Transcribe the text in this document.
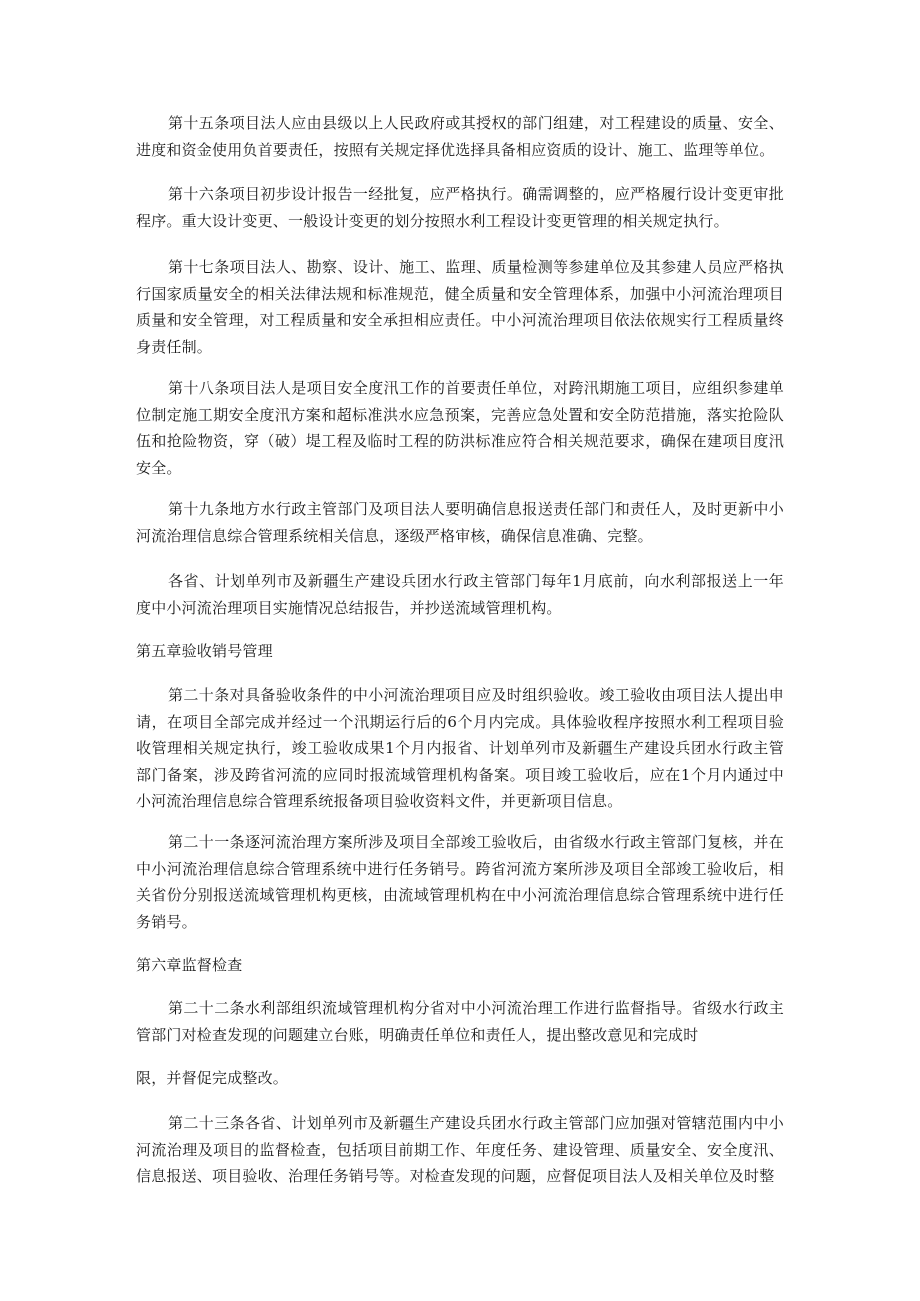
第十五条项目法人应由县级以上人民政府或其授权的部门组建，对工程建设的质量、安全、进度和资金使用负首要责任，按照有关规定择优选择具备相应资质的设计、施工、监理等单位。

第十六条项目初步设计报告一经批复，应严格执行。确需调整的，应严格履行设计变更审批程序。重大设计变更、一般设计变更的划分按照水利工程设计变更管理的相关规定执行。

第十七条项目法人、勘察、设计、施工、监理、质量检测等参建单位及其参建人员应严格执行国家质量安全的相关法律法规和标准规范，健全质量和安全管理体系，加强中小河流治理项目质量和安全管理，对工程质量和安全承担相应责任。中小河流治理项目依法依规实行工程质量终身责任制。

第十八条项目法人是项目安全度汛工作的首要责任单位，对跨汛期施工项目，应组织参建单位制定施工期安全度汛方案和超标准洪水应急预案，完善应急处置和安全防范措施，落实抢险队伍和抢险物资，穿（破）堤工程及临时工程的防洪标准应符合相关规范要求，确保在建项目度汛安全。

第十九条地方水行政主管部门及项目法人要明确信息报送责任部门和责任人，及时更新中小河流治理信息综合管理系统相关信息，逐级严格审核，确保信息准确、完整。

各省、计划单列市及新疆生产建设兵团水行政主管部门每年1月底前，向水利部报送上一年度中小河流治理项目实施情况总结报告，并抄送流域管理机构。

第五章验收销号管理

第二十条对具备验收条件的中小河流治理项目应及时组织验收。竣工验收由项目法人提出申请，在项目全部完成并经过一个汛期运行后的6个月内完成。具体验收程序按照水利工程项目验收管理相关规定执行，竣工验收成果1个月内报省、计划单列市及新疆生产建设兵团水行政主管部门备案，涉及跨省河流的应同时报流域管理机构备案。项目竣工验收后，应在1个月内通过中小河流治理信息综合管理系统报备项目验收资料文件，并更新项目信息。

第二十一条逐河流治理方案所涉及项目全部竣工验收后，由省级水行政主管部门复核，并在中小河流治理信息综合管理系统中进行任务销号。跨省河流方案所涉及项目全部竣工验收后，相关省份分别报送流域管理机构更核，由流域管理机构在中小河流治理信息综合管理系统中进行任务销号。

第六章监督检查

第二十二条水利部组织流域管理机构分省对中小河流治理工作进行监督指导。省级水行政主管部门对检查发现的问题建立台账，明确责任单位和责任人，提出整改意见和完成时

限，并督促完成整改。

第二十三条各省、计划单列市及新疆生产建设兵团水行政主管部门应加强对管辖范围内中小河流治理及项目的监督检查，包括项目前期工作、年度任务、建设管理、质量安全、安全度汛、信息报送、项目验收、治理任务销号等。对检查发现的问题，应督促项目法人及相关单位及时整
